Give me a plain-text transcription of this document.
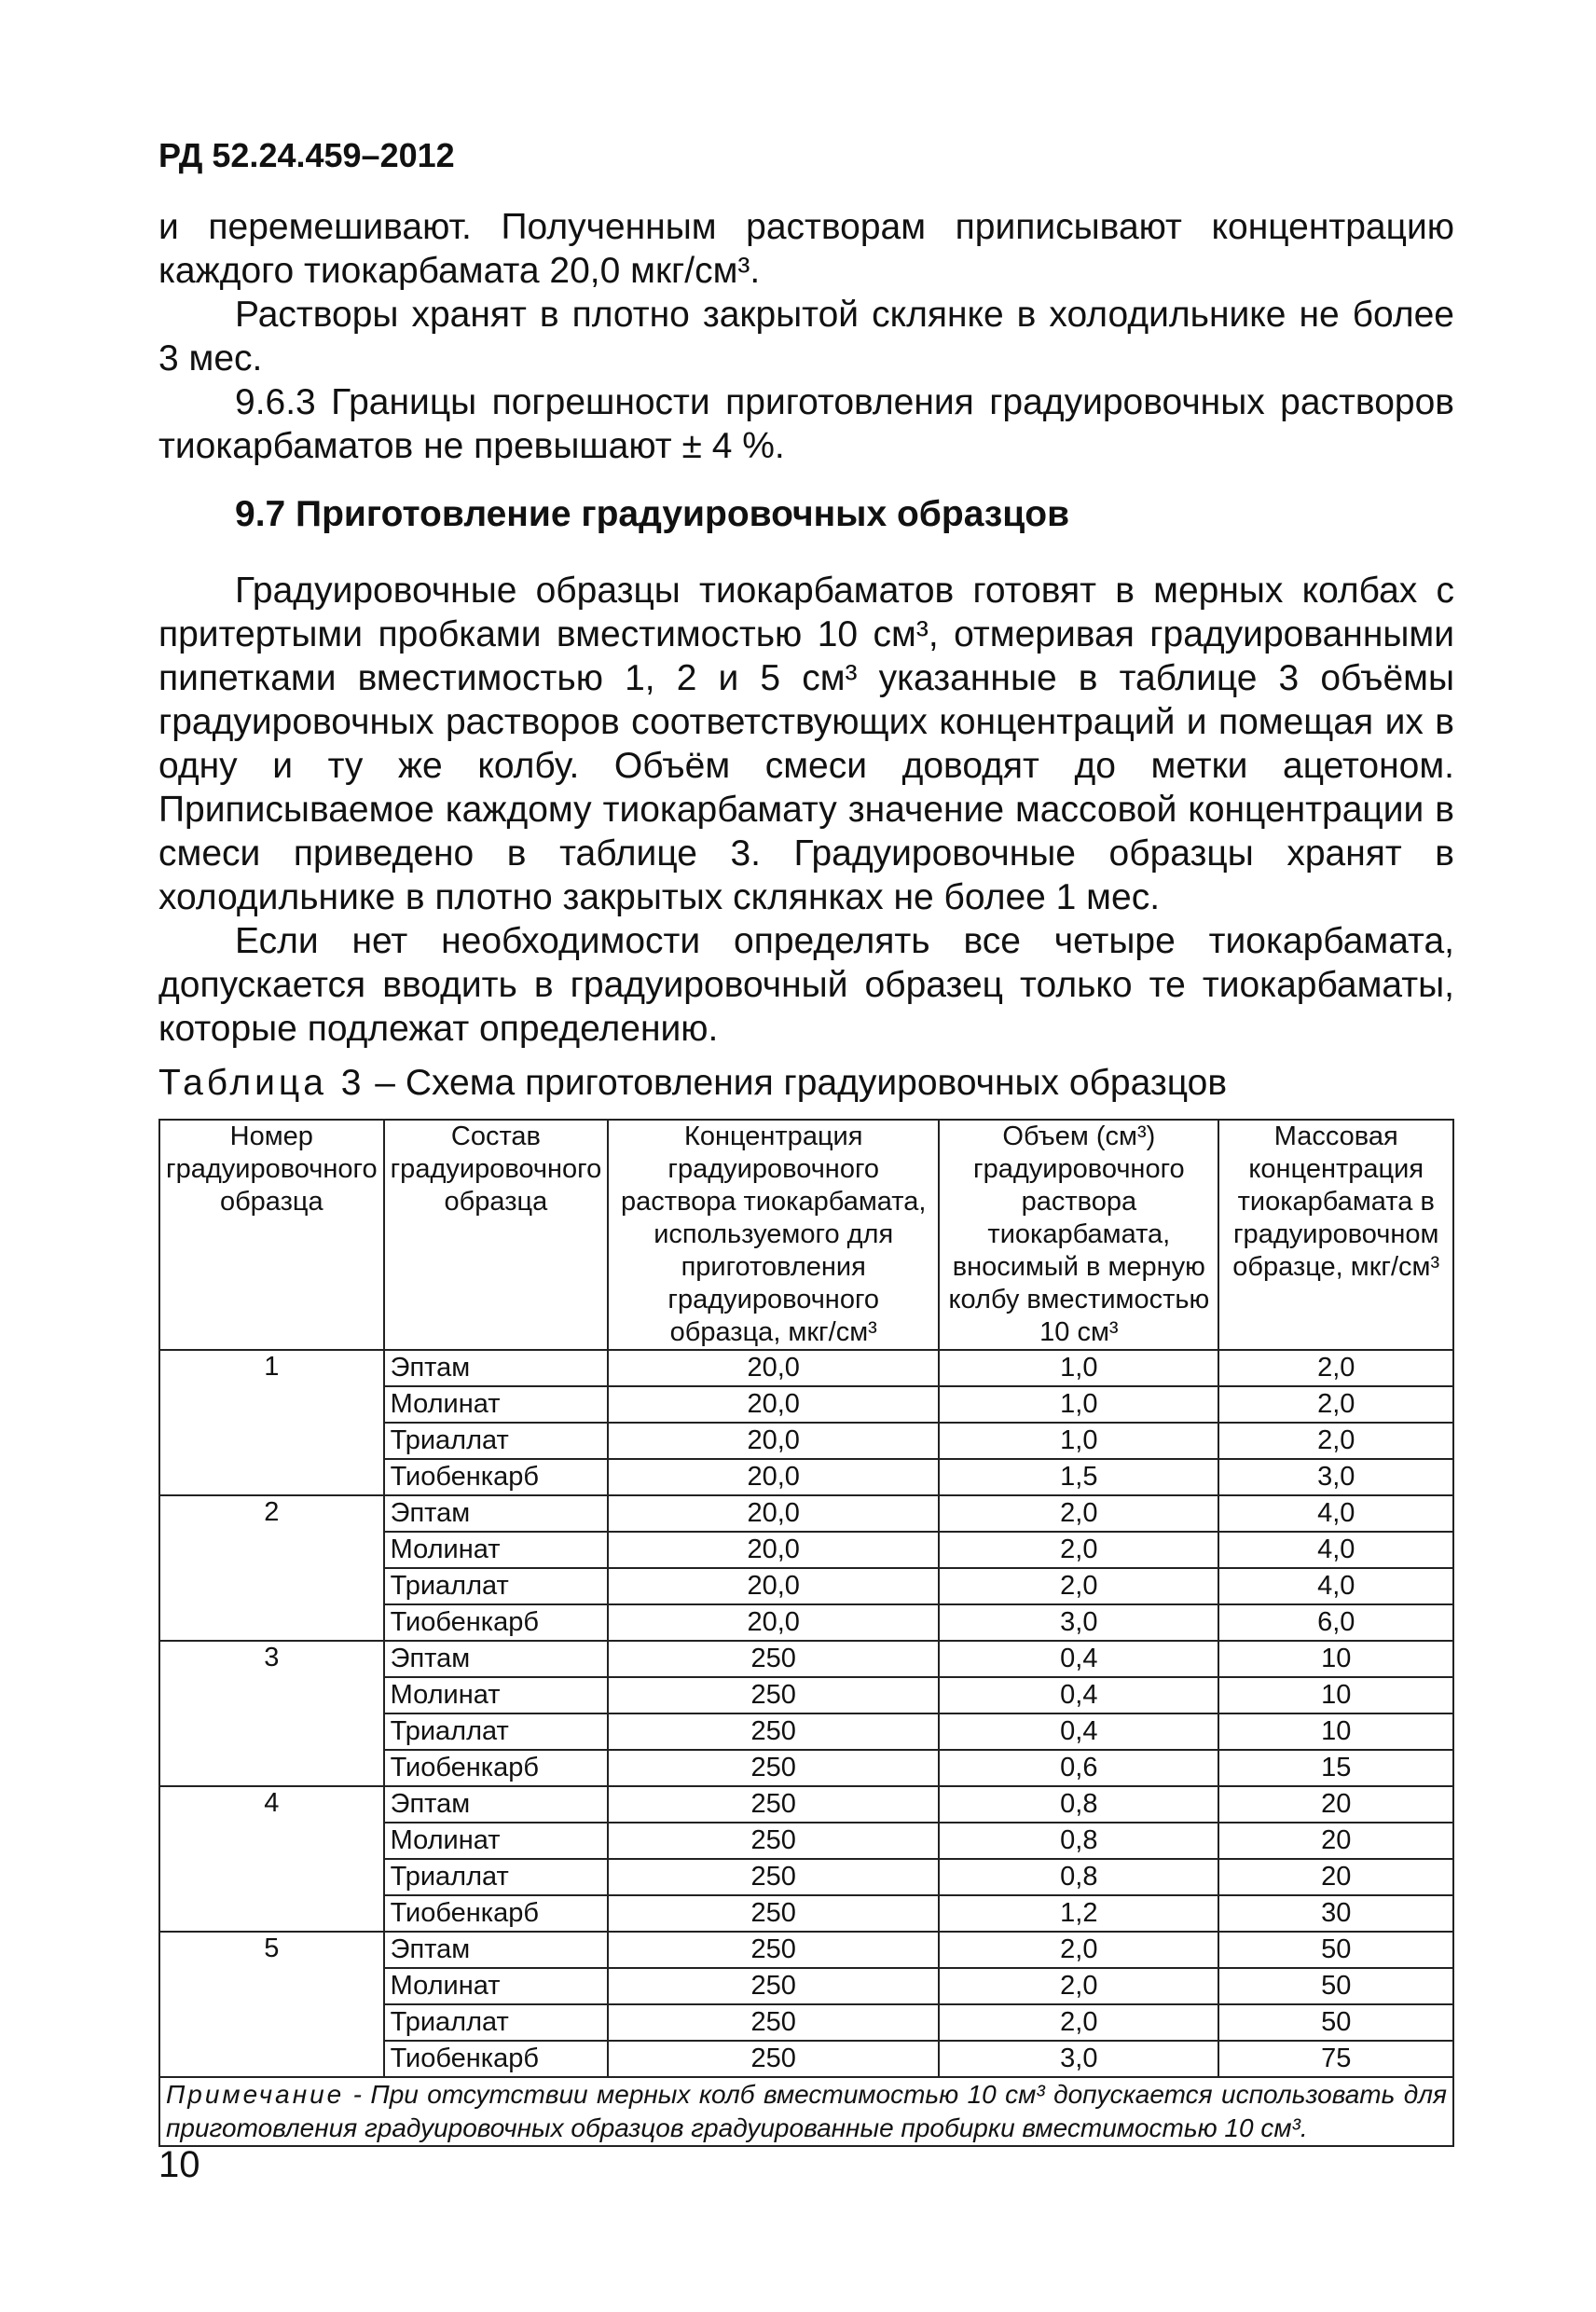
РД 52.24.459–2012

и перемешивают. Полученным растворам приписывают концентрацию каждого тиокарбамата 20,0 мкг/см³.

Растворы хранят в плотно закрытой склянке в холодильнике не более 3 мес.

9.6.3 Границы погрешности приготовления градуировочных растворов тиокарбаматов не превышают ± 4 %.

9.7 Приготовление градуировочных образцов

Градуировочные образцы тиокарбаматов готовят в мерных колбах с притертыми пробками вместимостью 10 см³, отмеривая градуированными пипетками вместимостью 1, 2 и 5 см³ указанные в таблице 3 объёмы градуировочных растворов соответствующих концентраций и помещая их в одну и ту же колбу. Объём смеси доводят до метки ацетоном. Приписываемое каждому тиокарбамату значение массовой концентрации в смеси приведено в таблице 3. Градуировочные образцы хранят в холодильнике в плотно закрытых склянках не более 1 мес.

Если нет необходимости определять все четыре тиокарбамата, допускается вводить в градуировочный образец только те тиокарбаматы, которые подлежат определению.

Таблица 3 – Схема приготовления градуировочных образцов
Номер градуировочного образца	Состав градуировочного образца	Концентрация градуировочного раствора тиокарбамата, используемого для приготовления градуировочного образца, мкг/см³	Объем (см³) градуировочного раствора тиокарбамата, вносимый в мерную колбу вместимостью 10 см³	Массовая концентрация тиокарбамата в градуировочном образце, мкг/см³
1	Эптам	20,0	1,0	2,0
	Молинат	20,0	1,0	2,0
	Триаллат	20,0	1,0	2,0
	Тиобенкарб	20,0	1,5	3,0
2	Эптам	20,0	2,0	4,0
	Молинат	20,0	2,0	4,0
	Триаллат	20,0	2,0	4,0
	Тиобенкарб	20,0	3,0	6,0
3	Эптам	250	0,4	10
	Молинат	250	0,4	10
	Триаллат	250	0,4	10
	Тиобенкарб	250	0,6	15
4	Эптам	250	0,8	20
	Молинат	250	0,8	20
	Триаллат	250	0,8	20
	Тиобенкарб	250	1,2	30
5	Эптам	250	2,0	50
	Молинат	250	2,0	50
	Триаллат	250	2,0	50
	Тиобенкарб	250	3,0	75
Примечание - При отсутствии мерных колб вместимостью 10 см³ допускается использовать для приготовления градуировочных образцов градуированные пробирки вместимостью 10 см³.				
10
